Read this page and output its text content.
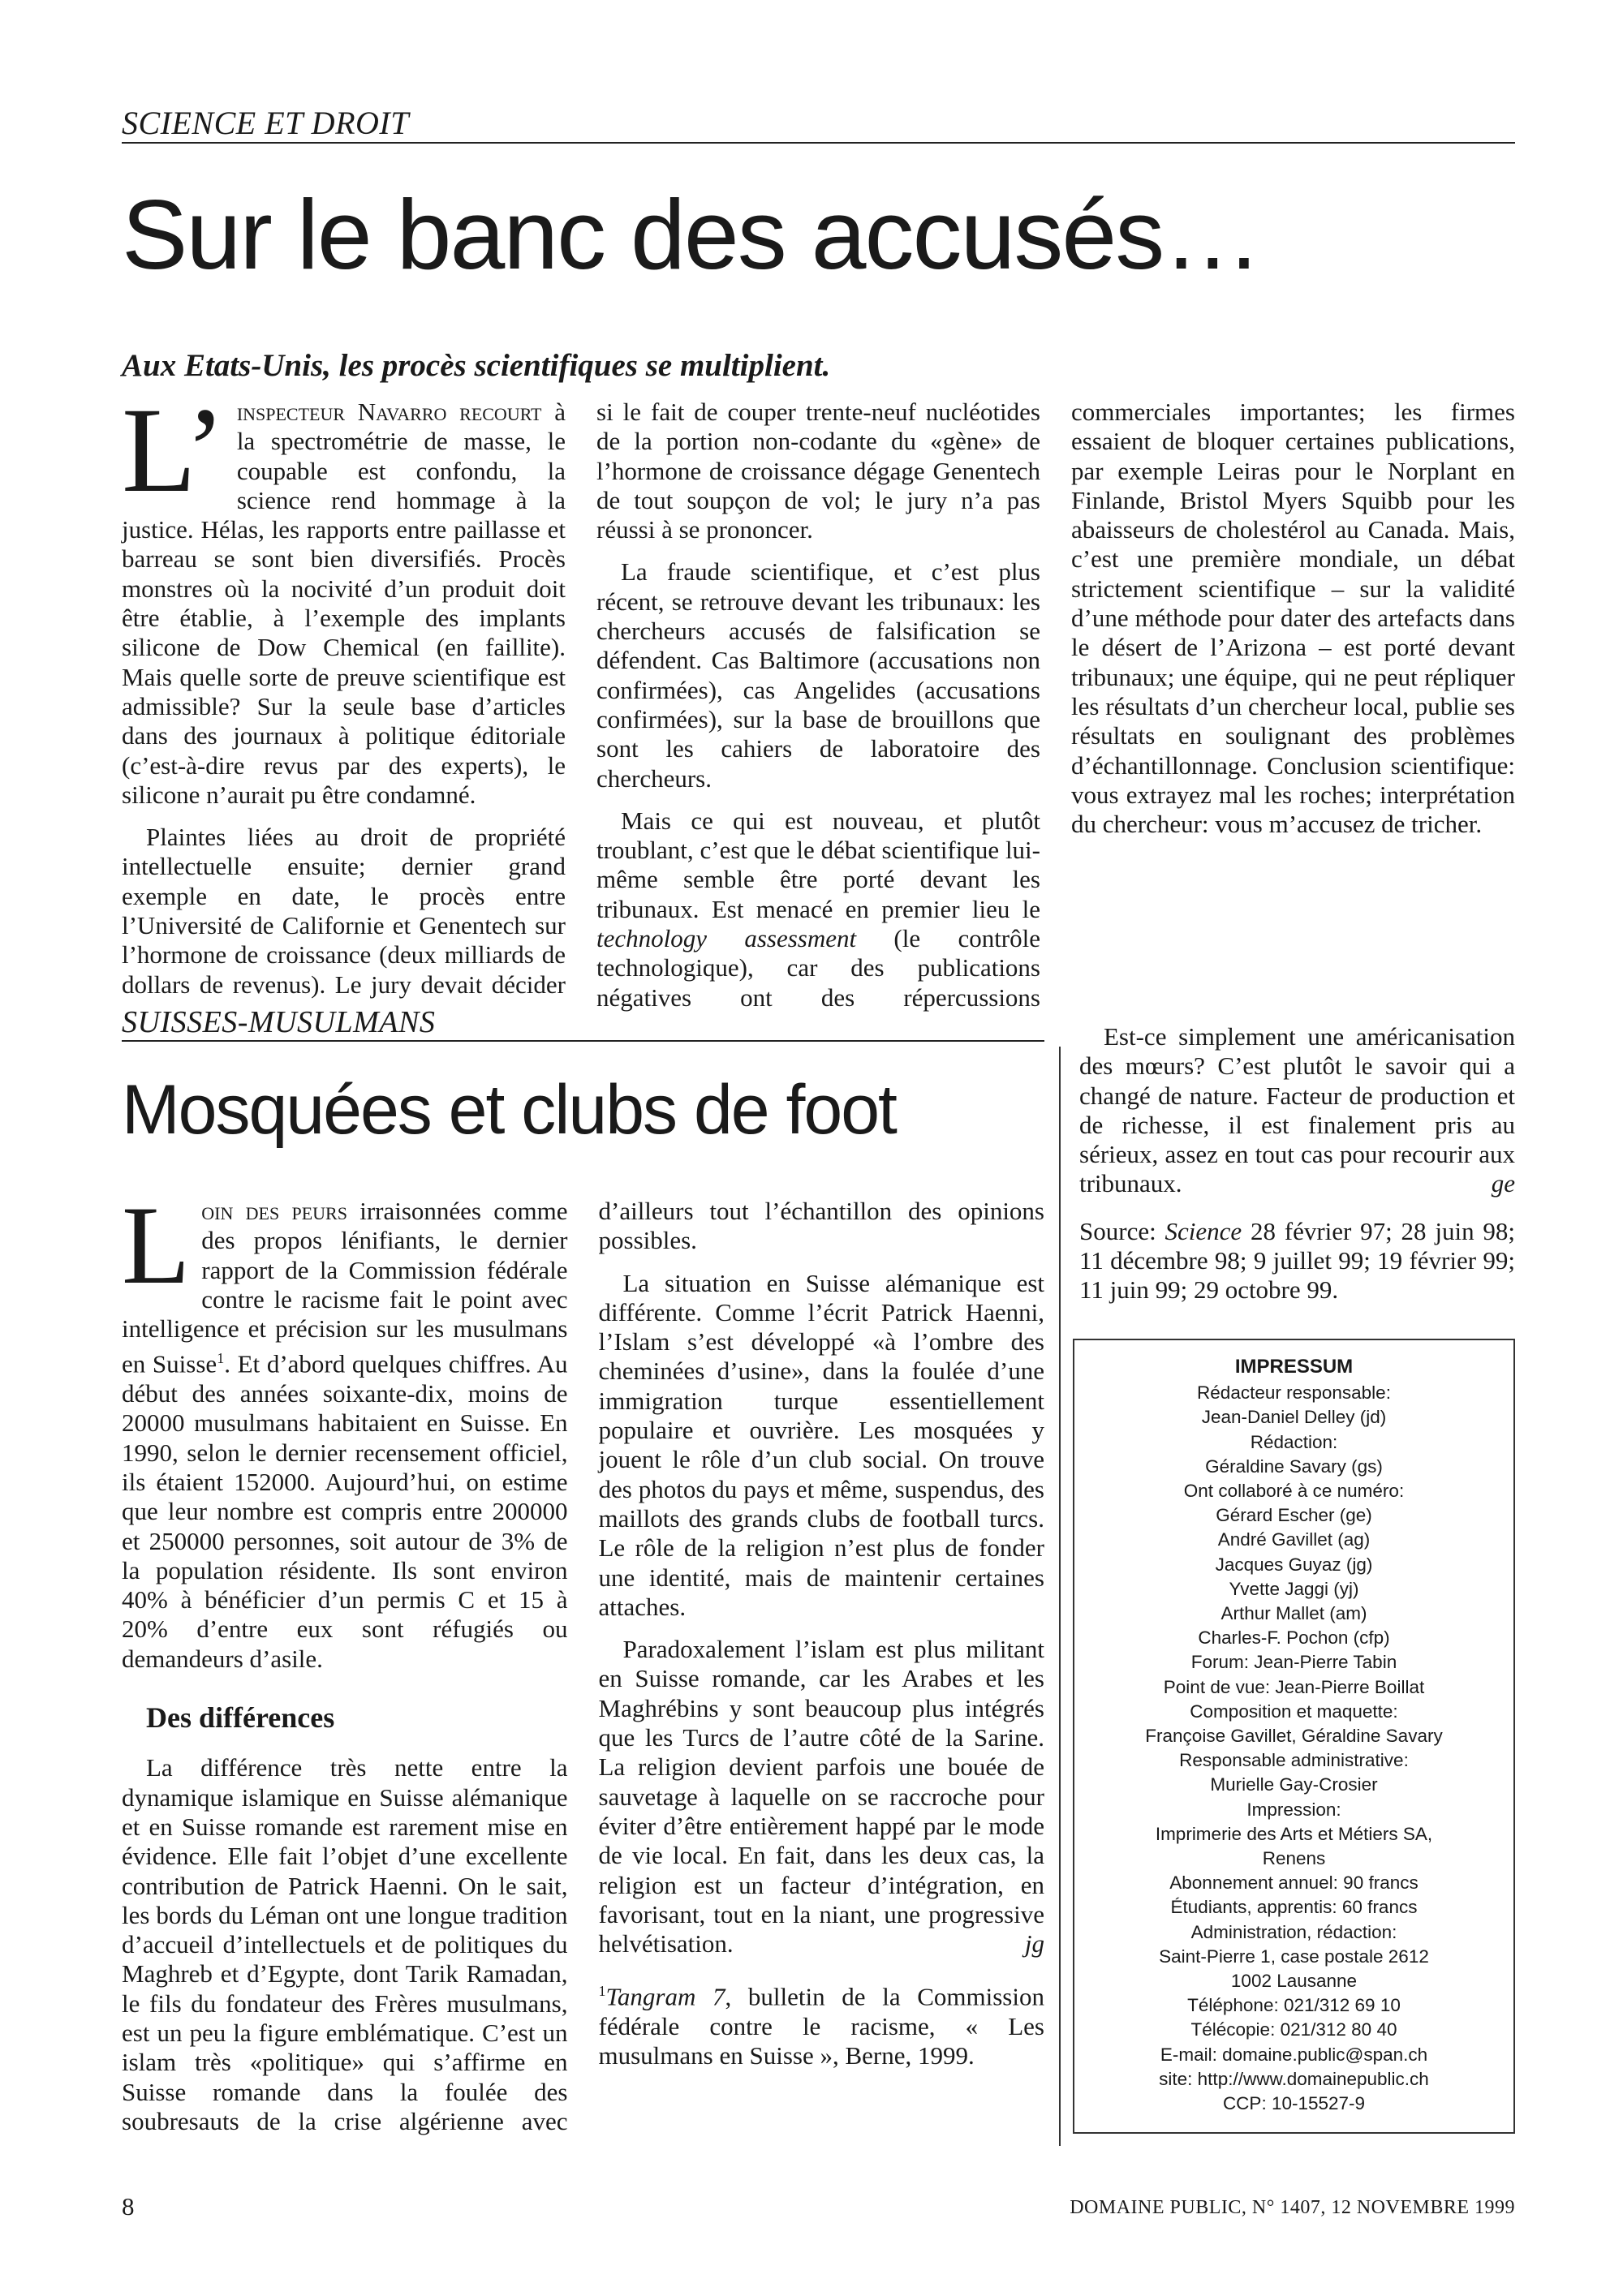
SCIENCE ET DROIT
Sur le banc des accusés…
Aux Etats-Unis, les procès scientifiques se multiplient.

L’ inspecteur Navarro recourt à la spectrométrie de masse, le coupable est confondu, la science rend hommage à la justice. Hélas, les rapports entre paillasse et barreau se sont bien diversifiés. Procès monstres où la nocivité d’un produit doit être établie, à l’exemple des implants silicone de Dow Chemical (en faillite). Mais quelle sorte de preuve scientifique est admissible? Sur la seule base d’articles dans des journaux à politique éditoriale (c’est-à-dire revus par des experts), le silicone n’aurait pu être condamné.

Plaintes liées au droit de propriété intellectuelle ensuite; dernier grand exemple en date, le procès entre l’Université de Californie et Genentech sur l’hormone de croissance (deux milliards de dollars de revenus). Le jury devait décider si le fait de couper trente-neuf nucléotides de la portion non-codante du «gène» de l’hormone de croissance dégage Genentech de tout soupçon de vol; le jury n’a pas réussi à se prononcer.

La fraude scientifique, et c’est plus récent, se retrouve devant les tribunaux: les chercheurs accusés de falsification se défendent. Cas Baltimore (accusations non confirmées), cas Angelides (accusations confirmées), sur la base de brouillons que sont les cahiers de laboratoire des chercheurs.

Mais ce qui est nouveau, et plutôt troublant, c’est que le débat scientifique lui-même semble être porté devant les tribunaux. Est menacé en premier lieu le technology assessment (le contrôle technologique), car des publications négatives ont des répercussions commerciales importantes; les firmes essaient de bloquer certaines publications, par exemple Leiras pour le Norplant en Finlande, Bristol Myers Squibb pour les abaisseurs de cholestérol au Canada. Mais, c’est une première mondiale, un débat strictement scientifique – sur la validité d’une méthode pour dater des artefacts dans le désert de l’Arizona – est porté devant tribunaux; une équipe, qui ne peut répliquer les résultats d’un chercheur local, publie ses résultats en soulignant des problèmes d’échantillonnage. Conclusion scientifique: vous extrayez mal les roches; interprétation du chercheur: vous m’accusez de tricher.

Est-ce simplement une américanisation des mœurs? C’est plutôt le savoir qui a changé de nature. Facteur de production et de richesse, il est finalement pris au sérieux, assez en tout cas pour recourir aux tribunaux.	ge

Source: Science 28 février 97; 28 juin 98; 11 décembre 98; 9 juillet 99; 19 février 99; 11 juin 99; 29 octobre 99.

SUISSES-MUSULMANS
Mosquées et clubs de foot

Loin des peurs irraisonnées comme des propos lénifiants, le dernier rapport de la Commission fédérale contre le racisme fait le point avec intelligence et précision sur les musulmans en Suisse$^1$. Et d’abord quelques chiffres. Au début des années soixante-dix, moins de 20000 musulmans habitaient en Suisse. En 1990, selon le dernier recensement officiel, ils étaient 152000. Aujourd’hui, on estime que leur nombre est compris entre 200000 et 250000 personnes, soit autour de 3% de la population résidente. Ils sont environ 40% à bénéficier d’un permis C et 15 à 20% d’entre eux sont réfugiés ou demandeurs d’asile.

Des différences

La différence très nette entre la dynamique islamique en Suisse alémanique et en Suisse romande est rarement mise en évidence. Elle fait l’objet d’une excellente contribution de Patrick Haenni. On le sait, les bords du Léman ont une longue tradition d’accueil d’intellectuels et de politiques du Maghreb et d’Egypte, dont Tarik Ramadan, le fils du fondateur des Frères musulmans, est un peu la figure emblématique. C’est un islam très «politique» qui s’affirme en Suisse romande dans la foulée des soubresauts de la crise algérienne avec d’ailleurs tout l’échantillon des opinions possibles.

La situation en Suisse alémanique est différente. Comme l’écrit Patrick Haenni, l’Islam s’est développé «à l’ombre des cheminées d’usine», dans la foulée d’une immigration turque essentiellement populaire et ouvrière. Les mosquées y jouent le rôle d’un club social. On trouve des photos du pays et même, suspendus, des maillots des grands clubs de football turcs. Le rôle de la religion n’est plus de fonder une identité, mais de maintenir certaines attaches.

Paradoxalement l’islam est plus militant en Suisse romande, car les Arabes et les Maghrébins y sont beaucoup plus intégrés que les Turcs de l’autre côté de la Sarine. La religion devient parfois une bouée de sauvetage à laquelle on se raccroche pour éviter d’être entièrement happé par le mode de vie local. En fait, dans les deux cas, la religion est un facteur d’intégration, en favorisant, tout en la niant, une progressive helvétisation.	jg

$^1$Tangram 7, bulletin de la Commission fédérale contre le racisme, « Les musulmans en Suisse », Berne, 1999.

IMPRESSUM
Rédacteur responsable:
Jean-Daniel Delley (jd)
Rédaction:
Géraldine Savary (gs)
Ont collaboré à ce numéro:
Gérard Escher (ge)
André Gavillet (ag)
Jacques Guyaz (jg)
Yvette Jaggi (yj)
Arthur Mallet (am)
Charles-F. Pochon (cfp)
Forum: Jean-Pierre Tabin
Point de vue: Jean-Pierre Boillat
Composition et maquette:
Françoise Gavillet, Géraldine Savary
Responsable administrative:
Murielle Gay-Crosier
Impression:
Imprimerie des Arts et Métiers SA,
Renens
Abonnement annuel: 90 francs
Étudiants, apprentis: 60 francs
Administration, rédaction:
Saint-Pierre 1, case postale 2612
1002 Lausanne
Téléphone: 021/312 69 10
Télécopie: 021/312 80 40
E-mail: domaine.public@span.ch
site: http://www.domainepublic.ch
CCP: 10-15527-9
8	DOMAINE PUBLIC, N° 1407, 12 NOVEMBRE 1999
